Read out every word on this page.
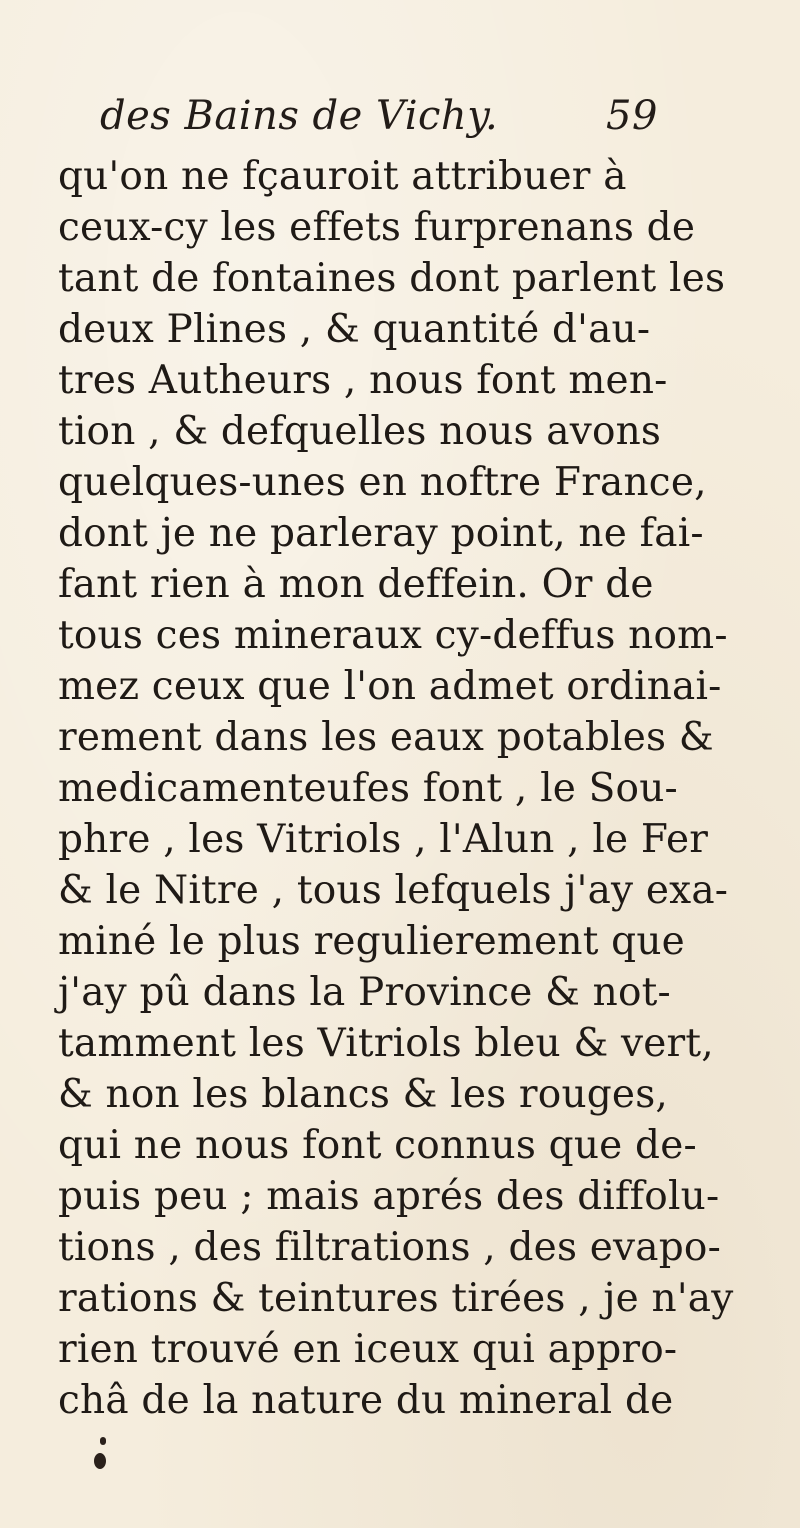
des Bains de Vichy.	59
qu'on ne fçauroit attribuer à
ceux-cy les effets furprenans de
tant de fontaines dont parlent les
deux Plines , & quantité d'au-
tres Autheurs , nous font men-
tion , & defquelles nous avons
quelques-unes en noftre France,
dont je ne parleray point, ne fai-
fant rien à mon deffein. Or de
tous ces mineraux cy-deffus nom-
mez ceux que l'on admet ordinai-
rement dans les eaux potables &
medicamenteufes font , le Sou-
phre , les Vitriols , l'Alun , le Fer
& le Nitre , tous lefquels j'ay exa-
miné le plus regulierement que
j'ay pû dans la Province & not-
tamment les Vitriols bleu & vert,
& non les blancs & les rouges,
qui ne nous font connus que de-
puis peu ; mais aprés des diffolu-
tions , des filtrations , des evapo-
rations & teintures tirées , je n'ay
rien trouvé en iceux qui appro-
châ de la nature du mineral de
